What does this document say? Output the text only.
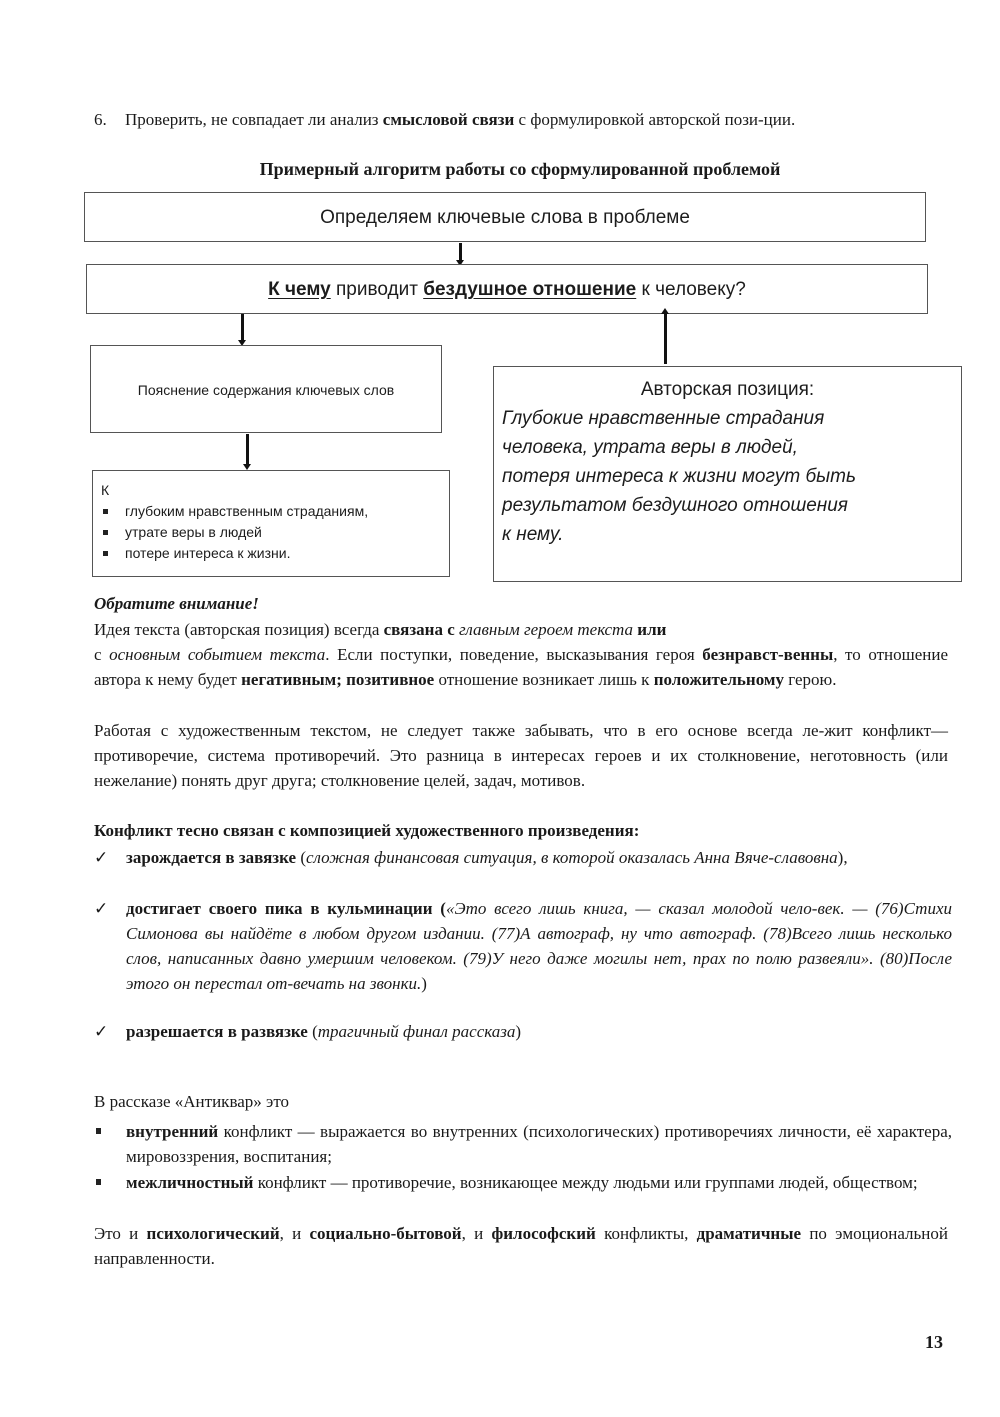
6.	Проверить, не совпадает ли анализ смысловой связи с формулировкой авторской пози-ции.
Примерный алгоритм работы со сформулированной проблемой
Определяем ключевые слова в проблеме
К чему приводит бездушное отношение к человеку?
Пояснение содержания ключевых слов
К
глубоким нравственным страданиям,
утрате веры в людей
потере интереса к жизни.
Авторская позиция:
Глубокие нравственные страдания
человека, утрата веры в людей,
потеря интереса к жизни могут быть
результатом бездушного отношения
к нему.
Обратите внимание!
Идея текста (авторская позиция) всегда связана с главным героем текста или
с основным событием текста. Если поступки, поведение, высказывания героя безнравст-венны, то отношение автора к нему будет негативным; позитивное отношение возникает лишь к положительному герою.
Работая с художественным текстом, не следует также забывать, что в его основе всегда ле-жит конфликт— противоречие, система противоречий. Это разница в интересах героев и их столкновение, неготовность (или нежелание) понять друг друга; столкновение целей, задач, мотивов.
Конфликт тесно связан с композицией художественного произведения:
✓	зарождается в завязке (сложная финансовая ситуация, в которой оказалась Анна Вяче-славовна),
✓	достигает своего пика в кульминации («Это всего лишь книга, — сказал молодой чело-век. — (76)Стихи Симонова вы найдёте в любом другом издании. (77)А автограф, ну что автограф. (78)Всего лишь несколько слов, написанных давно умершим человеком. (79)У него даже могилы нет, прах по полю развеяли». (80)После этого он перестал от-вечать на звонки.)
✓	разрешается в развязке (трагичный финал рассказа)
В рассказе «Антиквар» это
внутренний конфликт — выражается во внутренних (психологических) противоречиях личности, её характера, мировоззрения, воспитания;
межличностный конфликт — противоречие, возникающее между людьми или группами людей, обществом;
Это и психологический, и социально-бытовой, и философский конфликты, драматичные по эмоциональной направленности.
13
